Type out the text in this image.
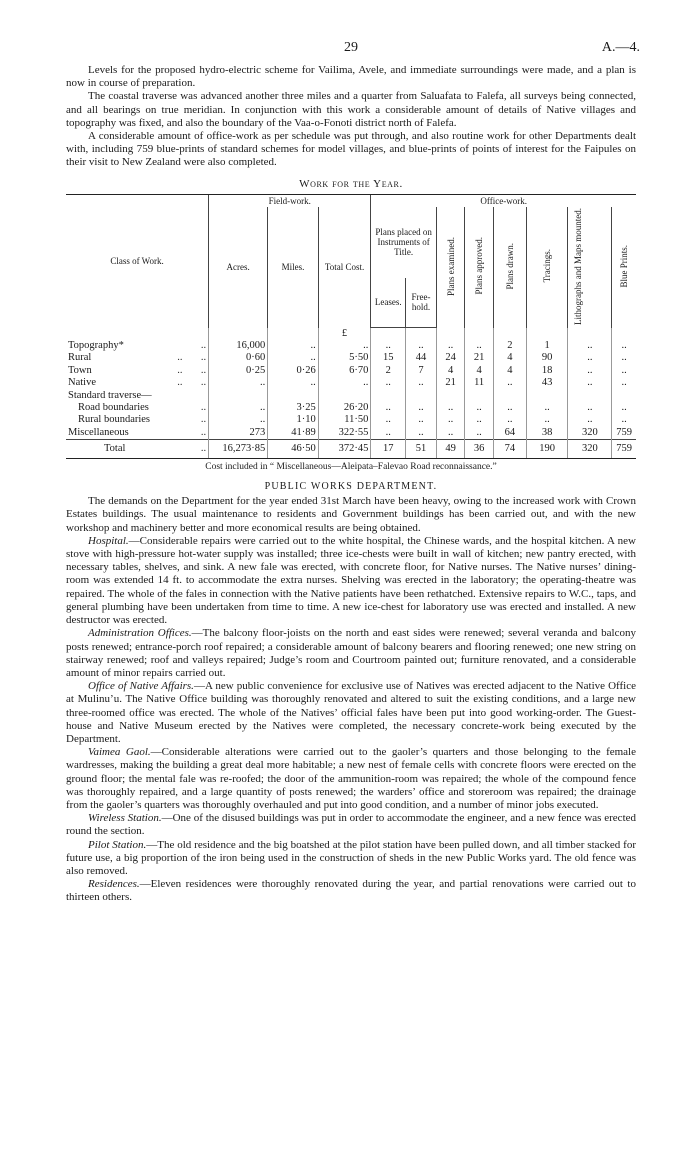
29	A.—4.

Levels for the proposed hydro-electric scheme for Vailima, Avele, and immediate surroundings were made, and a plan is now in course of preparation.

The coastal traverse was advanced another three miles and a quarter from Saluafata to Falefa, all surveys being connected, and all bearings on true meridian. In conjunction with this work a considerable amount of details of Native villages and topography was fixed, and also the boundary of the Vaa-o-Fonoti district north of Falefa.

A considerable amount of office-work as per schedule was put through, and also routine work for other Departments dealt with, including 759 blue-prints of standard schemes for model villages, and blue-prints of points of interest for the Faipules on their visit to New Zealand were also completed.

Work for the Year.
Class of Work.	Field-work.			Office-work.							
	Acres.	Miles.	Total Cost.	Plans placed on Instruments of Title.		Plans examined.	Plans approved.	Plans drawn.	Tracings.	Lithographs and Maps mounted.	Blue Prints.
				Leases.	Free-hold.						
			£								
Topography* ..	16,000	..	..	..	..	..	..	2	1	..	..
Rural ..       ..	0·60	..	5·50	15	44	24	21	4	90	..	..
Town ..       ..	0·25	0·26	6·70	2	7	4	4	4	18	..	..
Native ..       ..	..	..	..	..	..	21	11	..	43	..	..
Standard traverse—											
Road boundaries ..	..	3·25	26·20	..	..	..	..	..	..	..	..
Rural boundaries ..	..	1·10	11·50	..	..	..	..	..	..	..	..
Miscellaneous ..	273	41·89	322·55	..	..	..	..	64	38	320	759
Total ..	16,273·85	46·50	372·45	17	51	49	36	74	190	320	759
Cost included in “ Miscellaneous—Aleipata–Falevao Road reconnaissance.”
PUBLIC WORKS DEPARTMENT.

The demands on the Department for the year ended 31st March have been heavy, owing to the increased work with Crown Estates buildings. The usual maintenance to residents and Government buildings has been carried out, and with the new workshop and machinery better and more economical results are being obtained.

Hospital.—Considerable repairs were carried out to the white hospital, the Chinese wards, and the hospital kitchen. A new stove with high-pressure hot-water supply was installed; three ice-chests were built in wall of kitchen; new pantry erected, with necessary tables, shelves, and sink. A new fale was erected, with concrete floor, for Native nurses. The Native nurses’ dining-room was extended 14 ft. to accommodate the extra nurses. Shelving was erected in the laboratory; the operating-theatre was repaired. The whole of the fales in connection with the Native patients have been rethatched. Extensive repairs to W.C., taps, and general plumbing have been undertaken from time to time. A new ice-chest for laboratory use was erected and installed. A new destructor was erected.

Administration Offices.—The balcony floor-joists on the north and east sides were renewed; several veranda and balcony posts renewed; entrance-porch roof repaired; a considerable amount of balcony bearers and flooring renewed; one new string on stairway renewed; roof and valleys repaired; Judge’s room and Courtroom painted out; furniture renovated, and a considerable amount of minor repairs carried out.

Office of Native Affairs.—A new public convenience for exclusive use of Natives was erected adjacent to the Native Office at Mulinu’u. The Native Office building was thoroughly renovated and altered to suit the existing conditions, and a large new three-roomed office was erected. The whole of the Natives’ official fales have been put into good working-order. The Guest-house and Native Museum erected by the Natives were completed, the necessary concrete-work being executed by the Department.

Vaimea Gaol.—Considerable alterations were carried out to the gaoler’s quarters and those belonging to the female wardresses, making the building a great deal more habitable; a new nest of female cells with concrete floors were erected on the ground floor; the mental fale was re-roofed; the door of the ammunition-room was repaired; the whole of the compound fence was thoroughly repaired, and a large quantity of posts renewed; the warders’ office and storeroom was repaired; the drainage from the gaoler’s quarters was thoroughly overhauled and put into good condition, and a number of minor jobs executed.

Wireless Station.—One of the disused buildings was put in order to accommodate the engineer, and a new fence was erected round the section.

Pilot Station.—The old residence and the big boatshed at the pilot station have been pulled down, and all timber stacked for future use, a big proportion of the iron being used in the construction of sheds in the new Public Works yard. The old fence was also removed.

Residences.—Eleven residences were thoroughly renovated during the year, and partial renovations were carried out to thirteen others.
